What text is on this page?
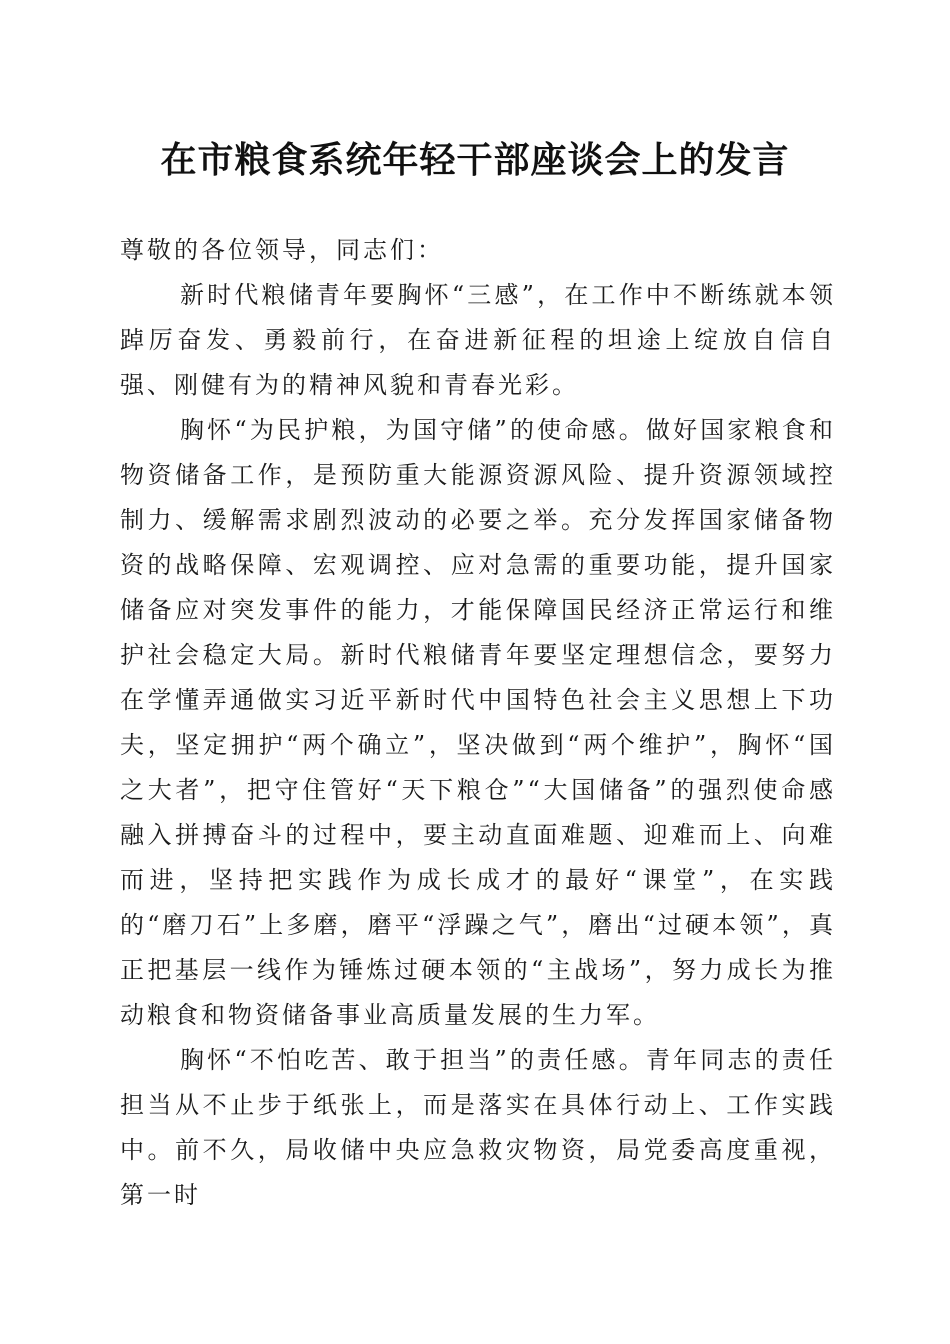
在市粮食系统年轻干部座谈会上的发言

尊敬的各位领导，同志们：

新时代粮储青年要胸怀“三感”，在工作中不断练就本领踔厉奋发、勇毅前行，在奋进新征程的坦途上绽放自信自强、刚健有为的精神风貌和青春光彩。

胸怀“为民护粮，为国守储”的使命感。做好国家粮食和物资储备工作，是预防重大能源资源风险、提升资源领域控制力、缓解需求剧烈波动的必要之举。充分发挥国家储备物资的战略保障、宏观调控、应对急需的重要功能，提升国家储备应对突发事件的能力，才能保障国民经济正常运行和维护社会稳定大局。新时代粮储青年要坚定理想信念，要努力在学懂弄通做实习近平新时代中国特色社会主义思想上下功夫，坚定拥护“两个确立”，坚决做到“两个维护”，胸怀“国之大者”，把守住管好“天下粮仓”“大国储备”的强烈使命感融入拼搏奋斗的过程中，要主动直面难题、迎难而上、向难而进，坚持把实践作为成长成才的最好“课堂”，在实践的“磨刀石”上多磨，磨平“浮躁之气”，磨出“过硬本领”，真正把基层一线作为锤炼过硬本领的“主战场”，努力成长为推动粮食和物资储备事业高质量发展的生力军。

胸怀“不怕吃苦、敢于担当”的责任感。青年同志的责任担当从不止步于纸张上，而是落实在具体行动上、工作实践中。前不久，局收储中央应急救灾物资，局党委高度重视，第一时
